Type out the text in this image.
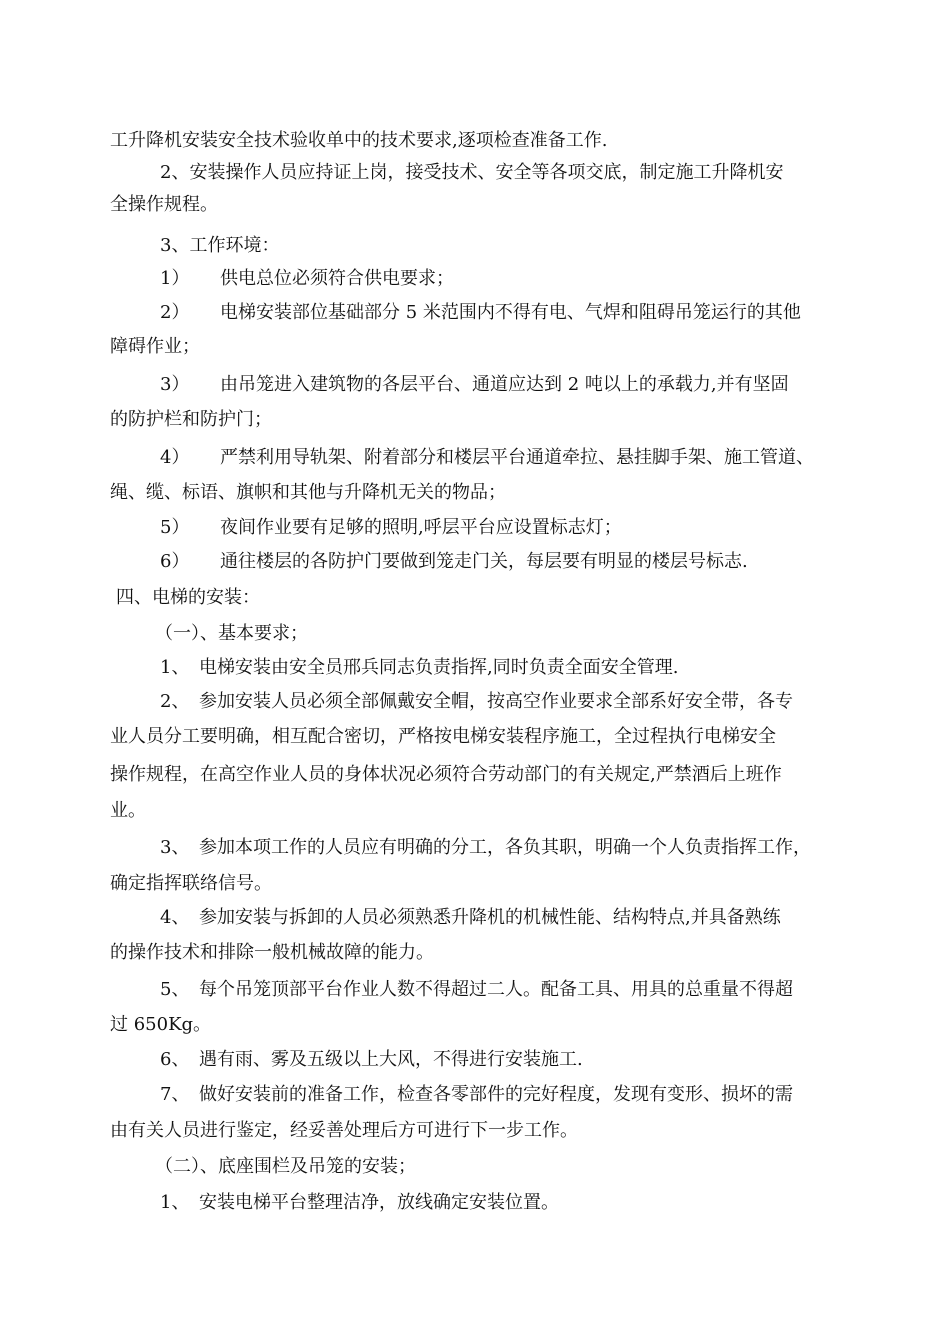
工升降机安装安全技术验收单中的技术要求,逐项检查准备工作.
2、安装操作人员应持证上岗，接受技术、安全等各项交底，制定施工升降机安
全操作规程。
3、工作环境：
1） 供电总位必须符合供电要求；
2） 电梯安装部位基础部分 5 米范围内不得有电、气焊和阻碍吊笼运行的其他
障碍作业；
3） 由吊笼进入建筑物的各层平台、通道应达到 2 吨以上的承载力,并有坚固
的防护栏和防护门；
4） 严禁利用导轨架、附着部分和楼层平台通道牵拉、悬挂脚手架、施工管道、
绳、缆、标语、旗帜和其他与升降机无关的物品；
5） 夜间作业要有足够的照明,呼层平台应设置标志灯；
6） 通往楼层的各防护门要做到笼走门关，每层要有明显的楼层号标志.
四、电梯的安装：
（一）、基本要求；
1、 电梯安装由安全员邢兵同志负责指挥,同时负责全面安全管理.
2、 参加安装人员必须全部佩戴安全帽，按高空作业要求全部系好安全带，各专
业人员分工要明确，相互配合密切，严格按电梯安装程序施工，全过程执行电梯安全
操作规程，在高空作业人员的身体状况必须符合劳动部门的有关规定,严禁酒后上班作
业。
3、 参加本项工作的人员应有明确的分工，各负其职，明确一个人负责指挥工作，
确定指挥联络信号。
4、 参加安装与拆卸的人员必须熟悉升降机的机械性能、结构特点,并具备熟练
的操作技术和排除一般机械故障的能力。
5、 每个吊笼顶部平台作业人数不得超过二人。配备工具、用具的总重量不得超
过 650Kg。
6、 遇有雨、雾及五级以上大风，不得进行安装施工.
7、 做好安装前的准备工作，检查各零部件的完好程度，发现有变形、损坏的需
由有关人员进行鉴定，经妥善处理后方可进行下一步工作。
（二）、底座围栏及吊笼的安装；
1、 安装电梯平台整理洁净，放线确定安装位置。
